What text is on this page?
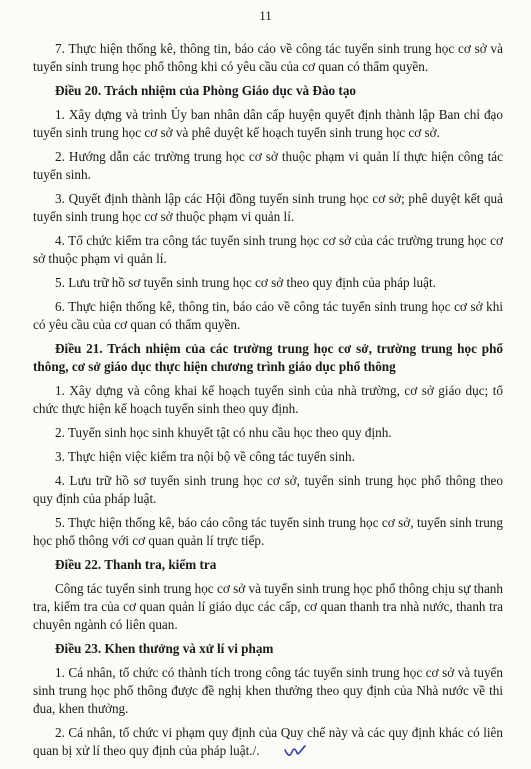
11

7. Thực hiện thống kê, thông tin, báo cáo về công tác tuyển sinh trung học cơ sở và tuyển sinh trung học phổ thông khi có yêu cầu của cơ quan có thẩm quyền.

Điều 20. Trách nhiệm của Phòng Giáo dục và Đào tạo

1. Xây dựng và trình Ủy ban nhân dân cấp huyện quyết định thành lập Ban chỉ đạo tuyển sinh trung học cơ sở và phê duyệt kế hoạch tuyển sinh trung học cơ sở.

2. Hướng dẫn các trường trung học cơ sở thuộc phạm vi quản lí thực hiện công tác tuyển sinh.

3. Quyết định thành lập các Hội đồng tuyển sinh trung học cơ sở; phê duyệt kết quả tuyển sinh trung học cơ sở thuộc phạm vi quản lí.

4. Tổ chức kiểm tra công tác tuyển sinh trung học cơ sở của các trường trung học cơ sở thuộc phạm vi quản lí.

5. Lưu trữ hồ sơ tuyển sinh trung học cơ sở theo quy định của pháp luật.

6. Thực hiện thống kê, thông tin, báo cáo về công tác tuyển sinh trung học cơ sở khi có yêu cầu của cơ quan có thẩm quyền.

Điều 21. Trách nhiệm của các trường trung học cơ sở, trường trung học phổ thông, cơ sở giáo dục thực hiện chương trình giáo dục phổ thông

1. Xây dựng và công khai kế hoạch tuyển sinh của nhà trường, cơ sở giáo dục; tổ chức thực hiện kế hoạch tuyển sinh theo quy định.

2. Tuyển sinh học sinh khuyết tật có nhu cầu học theo quy định.

3. Thực hiện việc kiểm tra nội bộ về công tác tuyển sinh.

4. Lưu trữ hồ sơ tuyển sinh trung học cơ sở, tuyển sinh trung học phổ thông theo quy định của pháp luật.

5. Thực hiện thống kê, báo cáo công tác tuyển sinh trung học cơ sở, tuyển sinh trung học phổ thông với cơ quan quản lí trực tiếp.

Điều 22. Thanh tra, kiểm tra

Công tác tuyển sinh trung học cơ sở và tuyển sinh trung học phổ thông chịu sự thanh tra, kiểm tra của cơ quan quản lí giáo dục các cấp, cơ quan thanh tra nhà nước, thanh tra chuyên ngành có liên quan.

Điều 23. Khen thưởng và xử lí vi phạm

1. Cá nhân, tổ chức có thành tích trong công tác tuyển sinh trung học cơ sở và tuyển sinh trung học phổ thông được đề nghị khen thưởng theo quy định của Nhà nước về thi đua, khen thưởng.

2. Cá nhân, tổ chức vi phạm quy định của Quy chế này và các quy định khác có liên quan bị xử lí theo quy định của pháp luật./.
